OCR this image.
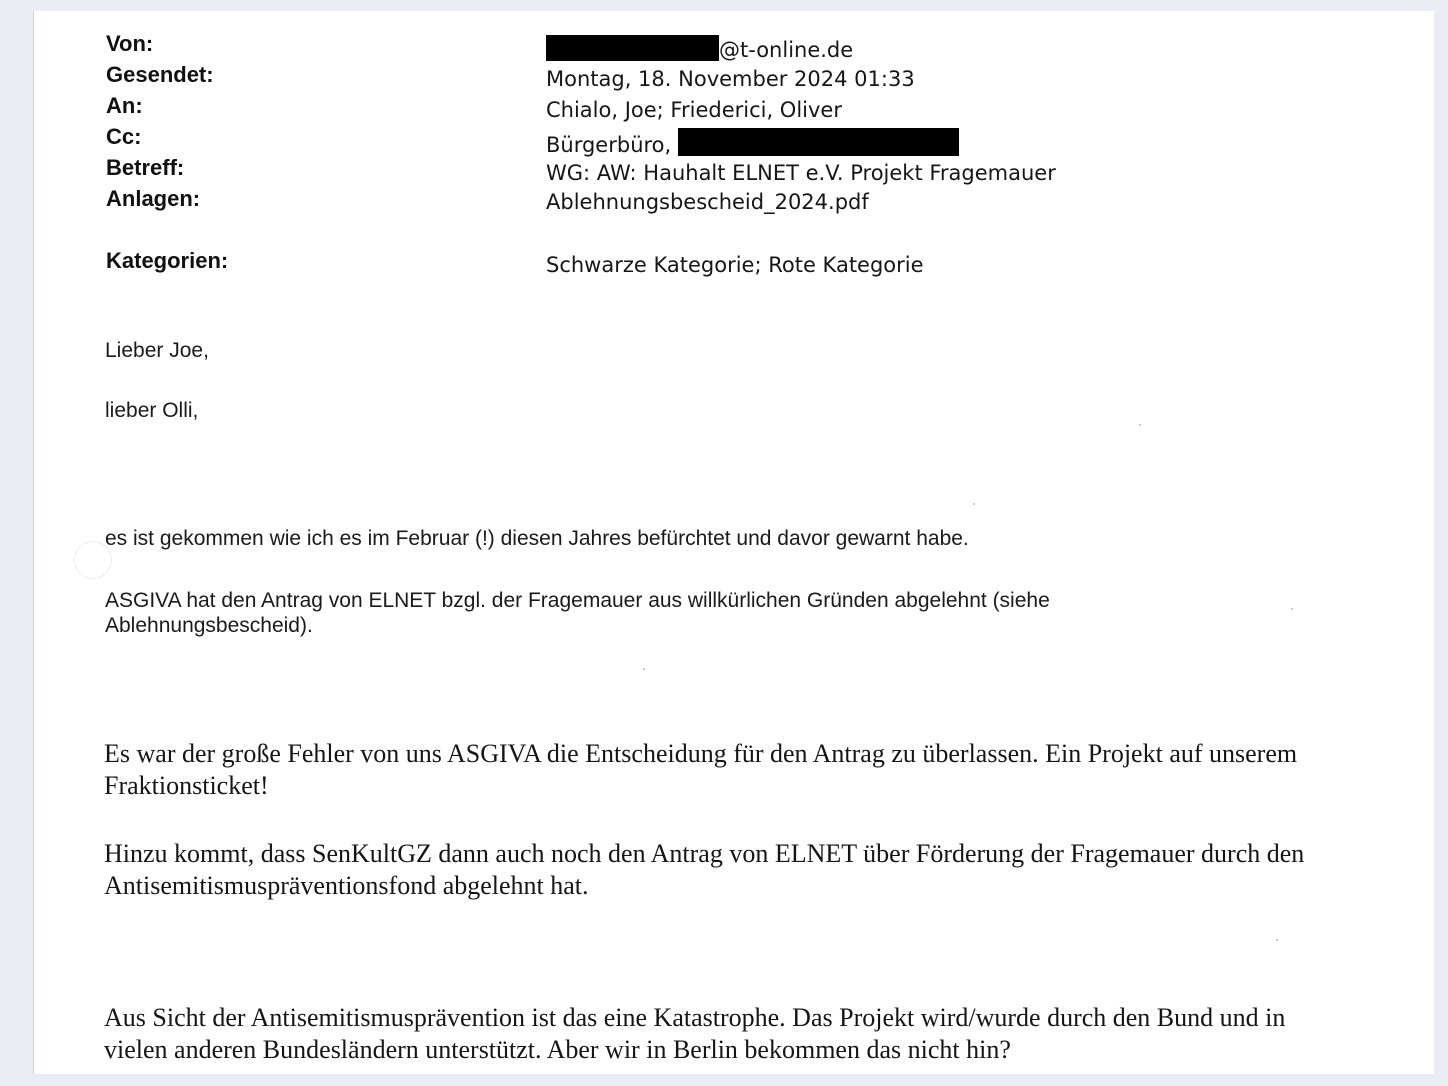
Von:	@t-online.de
Gesendet:	Montag, 18. November 2024 01:33
An:	Chialo, Joe; Friederici, Oliver
Cc:	Bürgerbüro,
Betreff:	WG: AW: Hauhalt ELNET e.V. Projekt Fragemauer
Anlagen:	Ablehnungsbescheid_2024.pdf
Kategorien:	Schwarze Kategorie; Rote Kategorie
Lieber Joe,
lieber Olli,
es ist gekommen wie ich es im Februar (!) diesen Jahres befürchtet und davor gewarnt habe.
ASGIVA hat den Antrag von ELNET bzgl. der Fragemauer aus willkürlichen Gründen abgelehnt (siehe Ablehnungsbescheid).
Es war der große Fehler von uns ASGIVA die Entscheidung für den Antrag zu überlassen. Ein Projekt auf unserem Fraktionsticket!
Hinzu kommt, dass SenKultGZ dann auch noch den Antrag von ELNET über Förderung der Fragemauer durch den Antisemitismuspräventionsfond abgelehnt hat.
Aus Sicht der Antisemitismusprävention ist das eine Katastrophe. Das Projekt wird/wurde durch den Bund und in vielen anderen Bundesländern unterstützt. Aber wir in Berlin bekommen das nicht hin?
